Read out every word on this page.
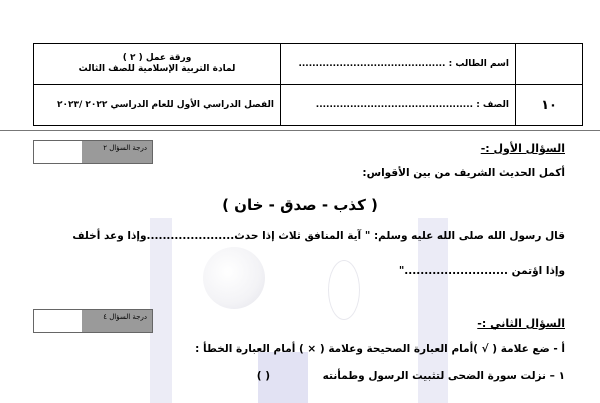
ورقة عمل ( ٢ )
لمادة التربية الإسلامية للصف الثالث	اسم الطالب : ...........................................	
الفصل الدراسي الأول للعام الدراسي ٢٠٢٢ /٢٠٢٣	الصف : ..............................................	١٠
درجة السؤال ٢	السؤال الأول :-
أكمل الحديث الشريف من بين الأقواس:
( كذب - صدق - خان )
قال رسول الله صلى الله عليه وسلم: " آية المنافق ثلاث إذا حدث......................وإذا وعد أخلف
وإذا اؤتمن .........................."
درجة السؤال ٤	السؤال الثاني :-
أ - ضع علامة ( √ )أمام العبارة الصحيحة وعلامة ( × ) أمام العبارة الخطأ :
١ – نزلت سورة الضحى لتثبيت الرسول وطمأنته
( )
